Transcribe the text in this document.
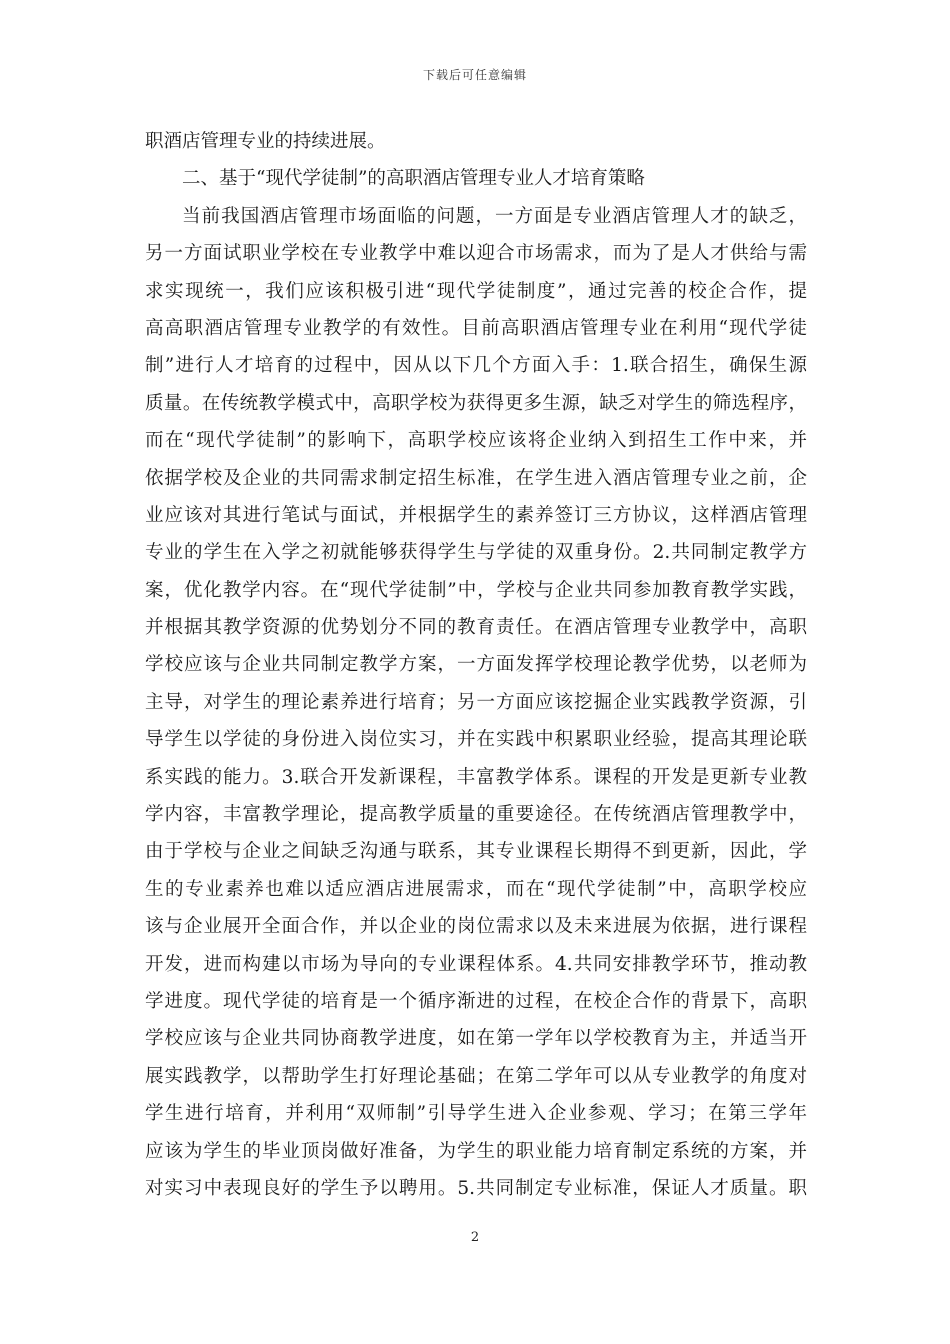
下载后可任意编辑
职酒店管理专业的持续进展。
二、基于“现代学徒制”的高职酒店管理专业人才培育策略
当前我国酒店管理市场面临的问题，一方面是专业酒店管理人才的缺乏，
另一方面试职业学校在专业教学中难以迎合市场需求，而为了是人才供给与需
求实现统一，我们应该积极引进“现代学徒制度”，通过完善的校企合作，提
高高职酒店管理专业教学的有效性。目前高职酒店管理专业在利用“现代学徒
制”进行人才培育的过程中，因从以下几个方面入手：1.联合招生，确保生源
质量。在传统教学模式中，高职学校为获得更多生源，缺乏对学生的筛选程序，
而在“现代学徒制”的影响下，高职学校应该将企业纳入到招生工作中来，并
依据学校及企业的共同需求制定招生标准，在学生进入酒店管理专业之前，企
业应该对其进行笔试与面试，并根据学生的素养签订三方协议，这样酒店管理
专业的学生在入学之初就能够获得学生与学徒的双重身份。2.共同制定教学方
案，优化教学内容。在“现代学徒制”中，学校与企业共同参加教育教学实践，
并根据其教学资源的优势划分不同的教育责任。在酒店管理专业教学中，高职
学校应该与企业共同制定教学方案，一方面发挥学校理论教学优势，以老师为
主导，对学生的理论素养进行培育；另一方面应该挖掘企业实践教学资源，引
导学生以学徒的身份进入岗位实习，并在实践中积累职业经验，提高其理论联
系实践的能力。3.联合开发新课程，丰富教学体系。课程的开发是更新专业教
学内容，丰富教学理论，提高教学质量的重要途径。在传统酒店管理教学中，
由于学校与企业之间缺乏沟通与联系，其专业课程长期得不到更新，因此，学
生的专业素养也难以适应酒店进展需求，而在“现代学徒制”中，高职学校应
该与企业展开全面合作，并以企业的岗位需求以及未来进展为依据，进行课程
开发，进而构建以市场为导向的专业课程体系。4.共同安排教学环节，推动教
学进度。现代学徒的培育是一个循序渐进的过程，在校企合作的背景下，高职
学校应该与企业共同协商教学进度，如在第一学年以学校教育为主，并适当开
展实践教学，以帮助学生打好理论基础；在第二学年可以从专业教学的角度对
学生进行培育，并利用“双师制”引导学生进入企业参观、学习；在第三学年
应该为学生的毕业顶岗做好准备，为学生的职业能力培育制定系统的方案，并
对实习中表现良好的学生予以聘用。5.共同制定专业标准，保证人才质量。职
2
